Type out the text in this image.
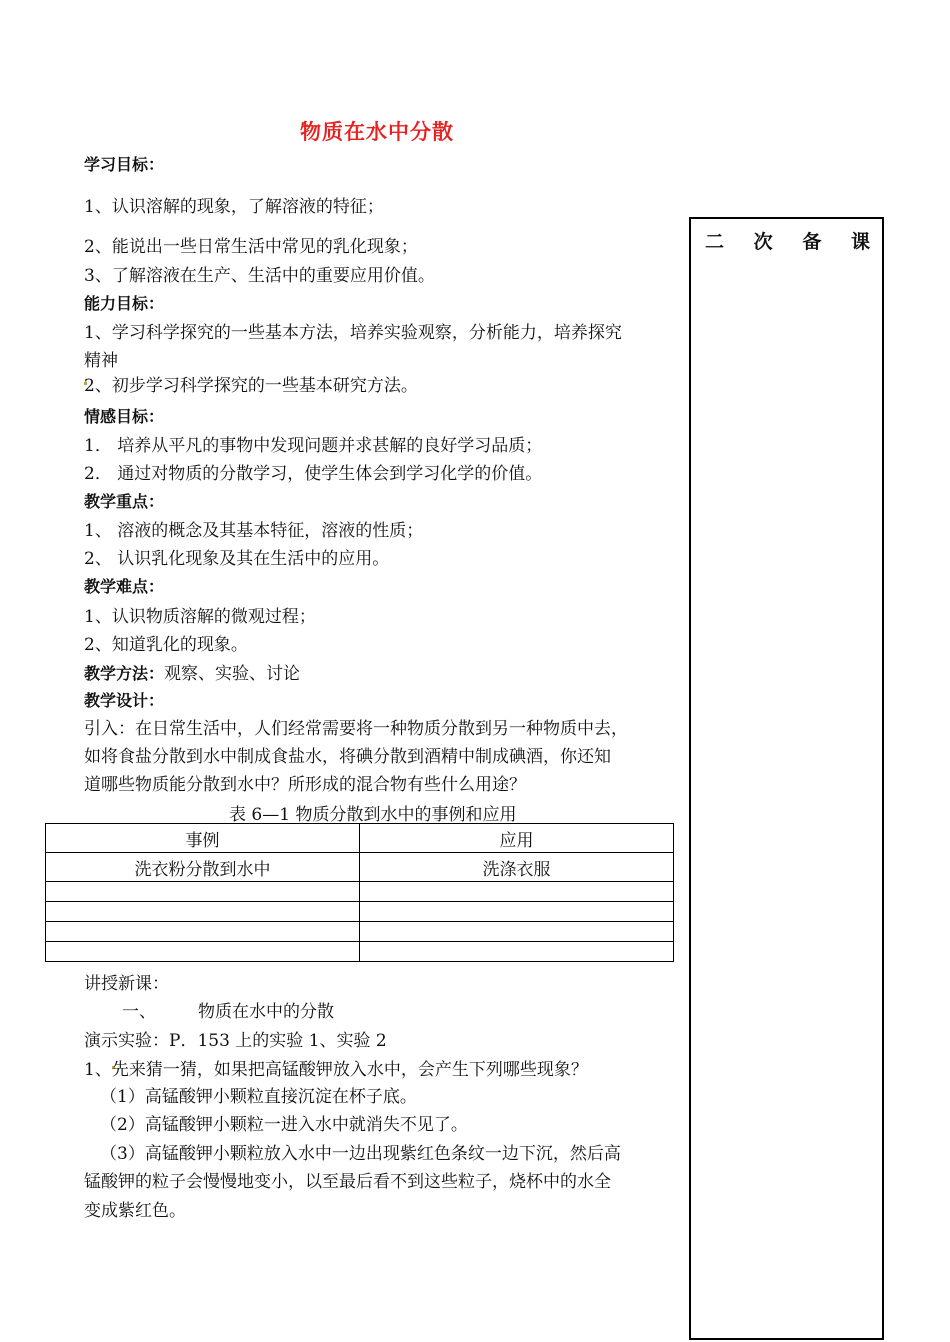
物质在水中分散
二 次 备 课
学习目标：
1、认识溶解的现象，了解溶液的特征；
2、能说出一些日常生活中常见的乳化现象；
3、了解溶液在生产、生活中的重要应用价值。
能力目标：
1、学习科学探究的一些基本方法，培养实验观察，分析能力，培养探究
精神
2、初步学习科学探究的一些基本研究方法。
情感目标：
1． 培养从平凡的事物中发现问题并求甚解的良好学习品质；
2． 通过对物质的分散学习，使学生体会到学习化学的价值。
教学重点：
1、 溶液的概念及其基本特征，溶液的性质；
2、 认识乳化现象及其在生活中的应用。
教学难点：
1、认识物质溶解的微观过程；
2、知道乳化的现象。
教学方法：观察、实验、讨论
教学设计：
引入：在日常生活中，人们经常需要将一种物质分散到另一种物质中去，
如将食盐分散到水中制成食盐水，将碘分散到酒精中制成碘酒，你还知
道哪些物质能分散到水中？所形成的混合物有些什么用途？
表 6—1 物质分散到水中的事例和应用
事例	应用
洗衣粉分散到水中	洗涤衣服

讲授新课：
一、 物质在水中的分散
演示实验：P．153 上的实验 1、实验 2
1、先来猜一猜，如果把高锰酸钾放入水中，会产生下列哪些现象？
（1）高锰酸钾小颗粒直接沉淀在杯子底。
（2）高锰酸钾小颗粒一进入水中就消失不见了。
（3）高锰酸钾小颗粒放入水中一边出现紫红色条纹一边下沉，然后高
锰酸钾的粒子会慢慢地变小，以至最后看不到这些粒子，烧杯中的水全
变成紫红色。
